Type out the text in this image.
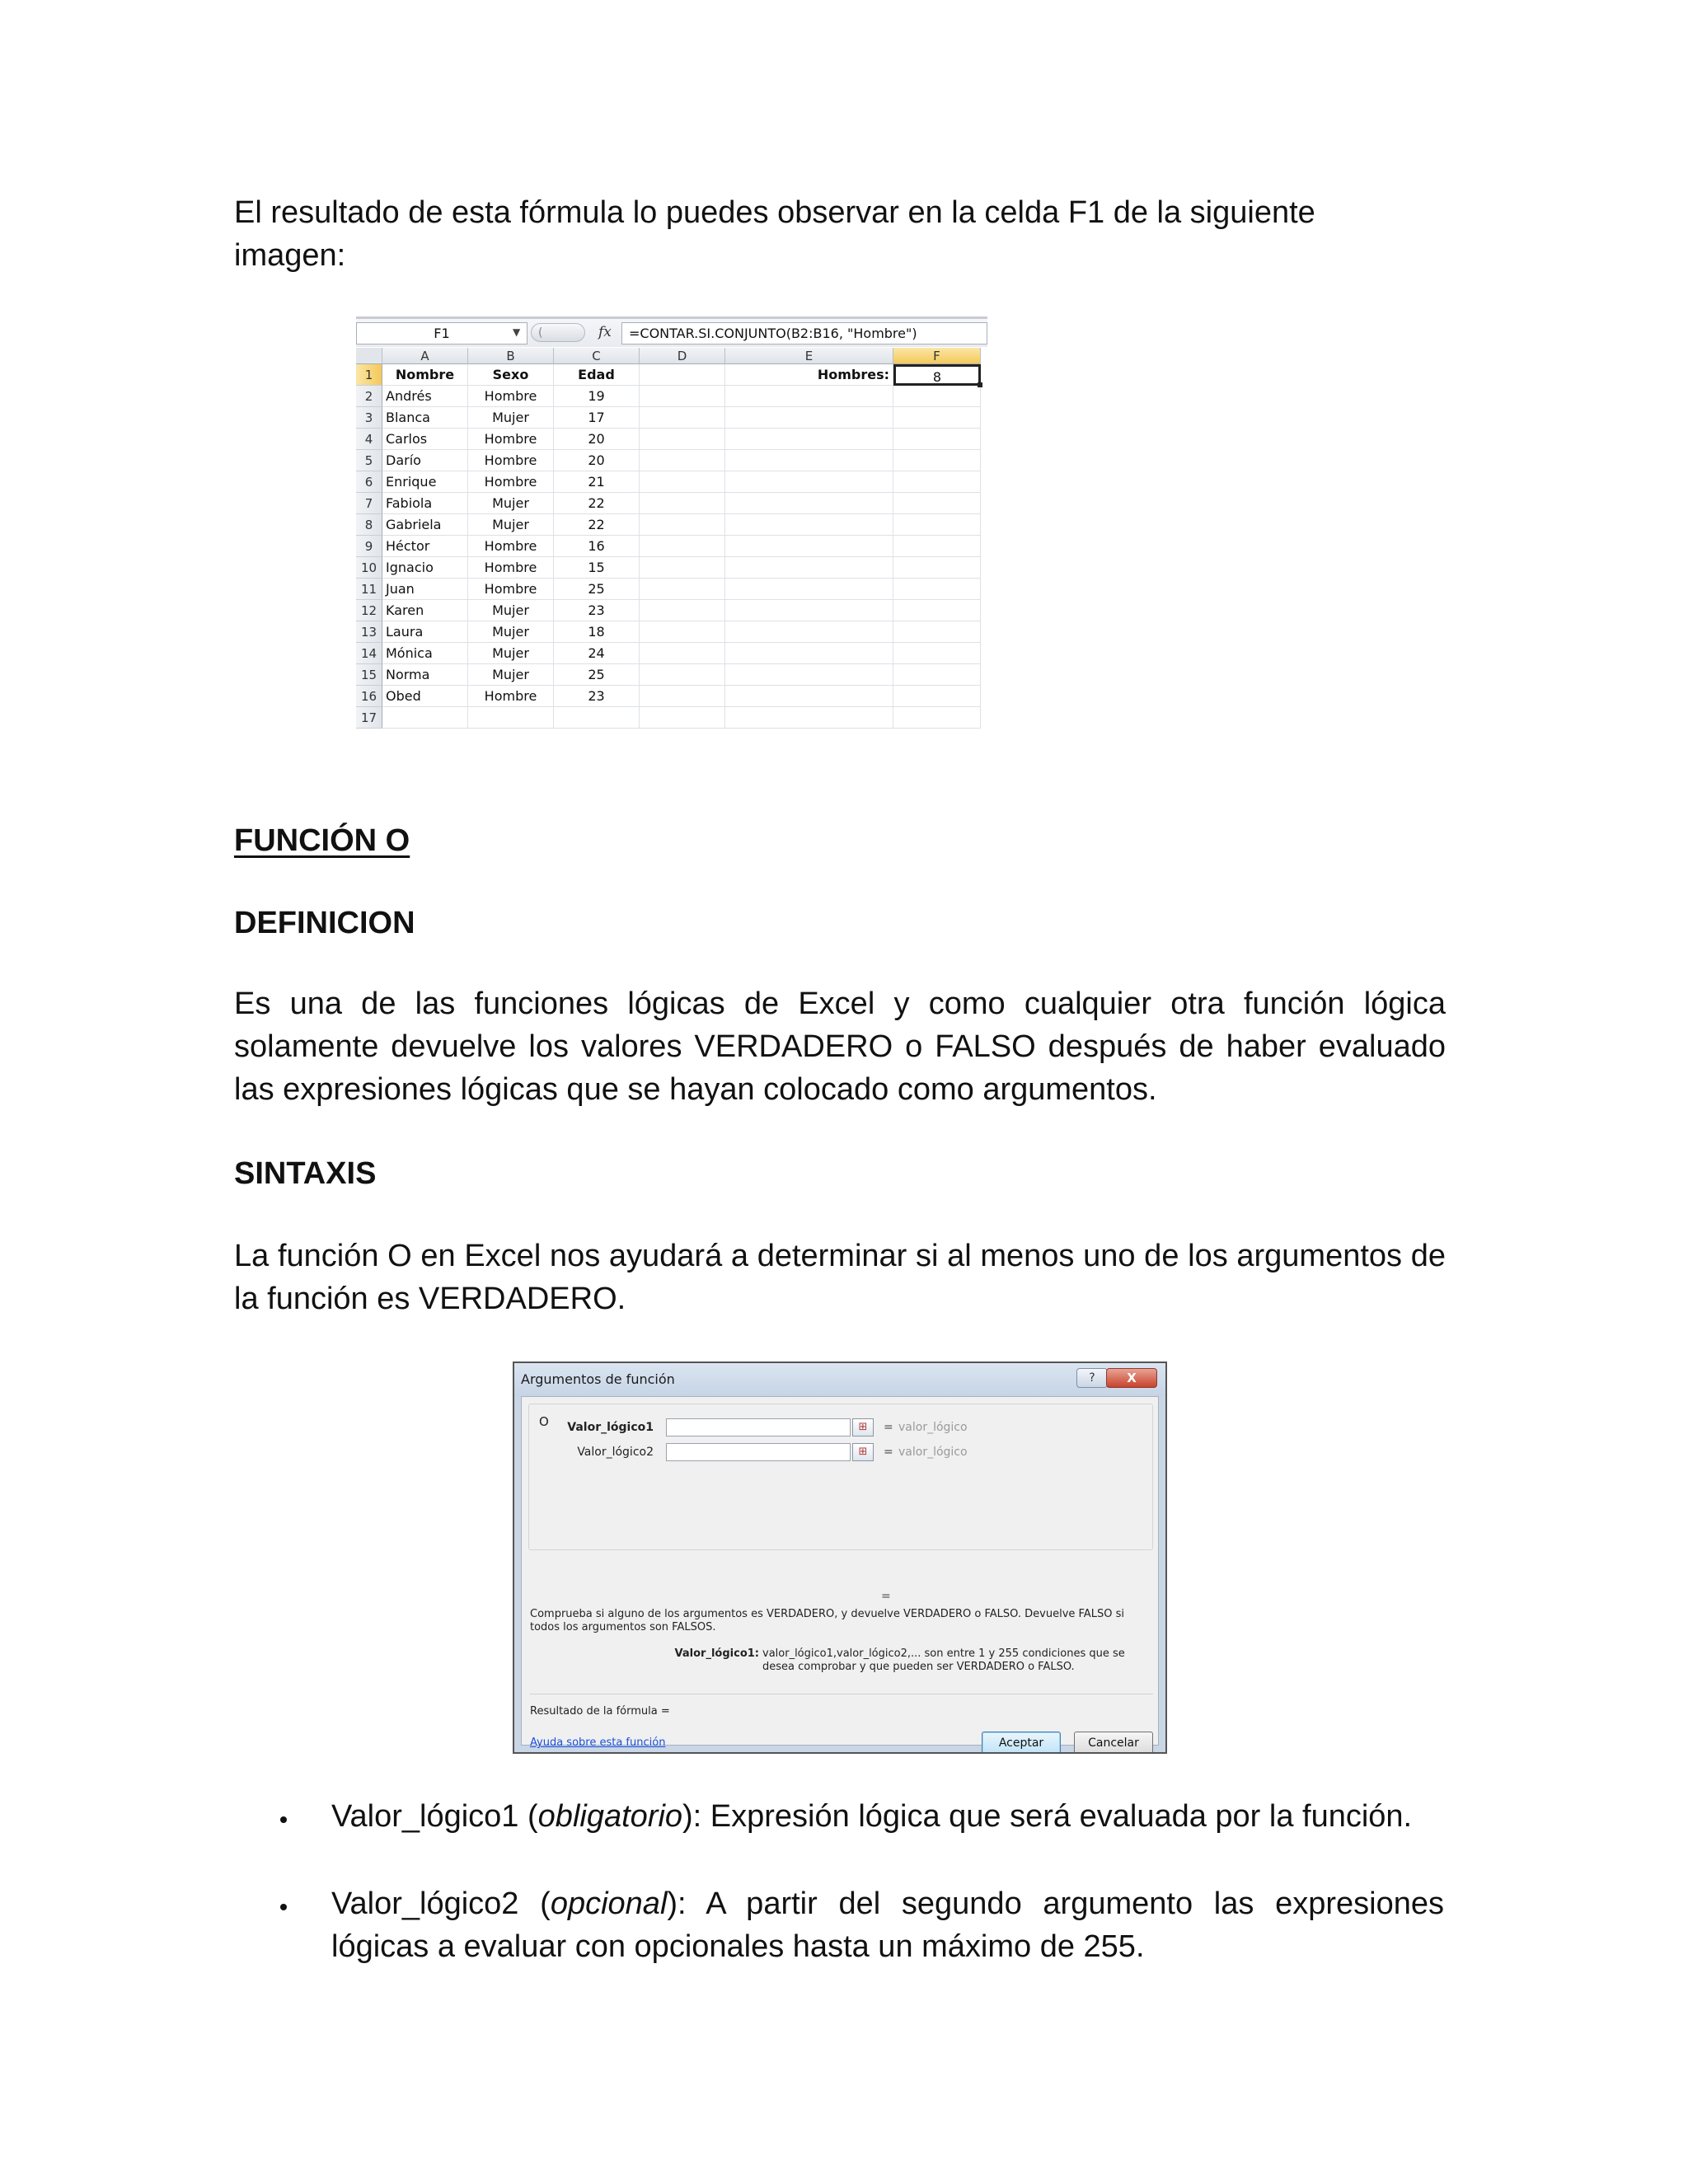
El resultado de esta fórmula lo puedes observar en la celda F1 de la siguiente
imagen:
F1	▼	(	fx	=CONTAR.SI.CONJUNTO(B2:B16, "Hombre")
A	B	C	D	E	F
1	Nombre	Sexo	Edad	Hombres:	8
2 Andrés	Hombre	19
3 Blanca	Mujer	17
4 Carlos	Hombre	20
5 Darío	Hombre	20
6 Enrique	Hombre	21
7 Fabiola	Mujer	22
8 Gabriela	Mujer	22
9 Héctor	Hombre	16
10 Ignacio	Hombre	15
11 Juan	Hombre	25
12 Karen	Mujer	23
13 Laura	Mujer	18
14 Mónica	Mujer	24
15 Norma	Mujer	25
16 Obed	Hombre	23
17
FUNCIÓN O
DEFINICION
Es una de las funciones lógicas de Excel y como cualquier otra función lógica solamente devuelve los valores VERDADERO o FALSO después de haber evaluado las expresiones lógicas que se hayan colocado como argumentos.
SINTAXIS
La función O en Excel nos ayudará a determinar si al menos uno de los argumentos de la función es VERDADERO.
Argumentos de función	?	X
O	Valor_lógico1	⊞	= valor_lógico
Valor_lógico2	⊞	= valor_lógico
=
Comprueba si alguno de los argumentos es VERDADERO, y devuelve VERDADERO o FALSO. Devuelve FALSO si todos los argumentos son FALSOS.
Valor_lógico1: valor_lógico1,valor_lógico2,... son entre 1 y 255 condiciones que se desea comprobar y que pueden ser VERDADERO o FALSO.
Resultado de la fórmula =
Ayuda sobre esta función	Aceptar	Cancelar
Valor_lógico1 (obligatorio): Expresión lógica que será evaluada por la función.
Valor_lógico2 (opcional): A partir del segundo argumento las expresiones lógicas a evaluar con opcionales hasta un máximo de 255.
